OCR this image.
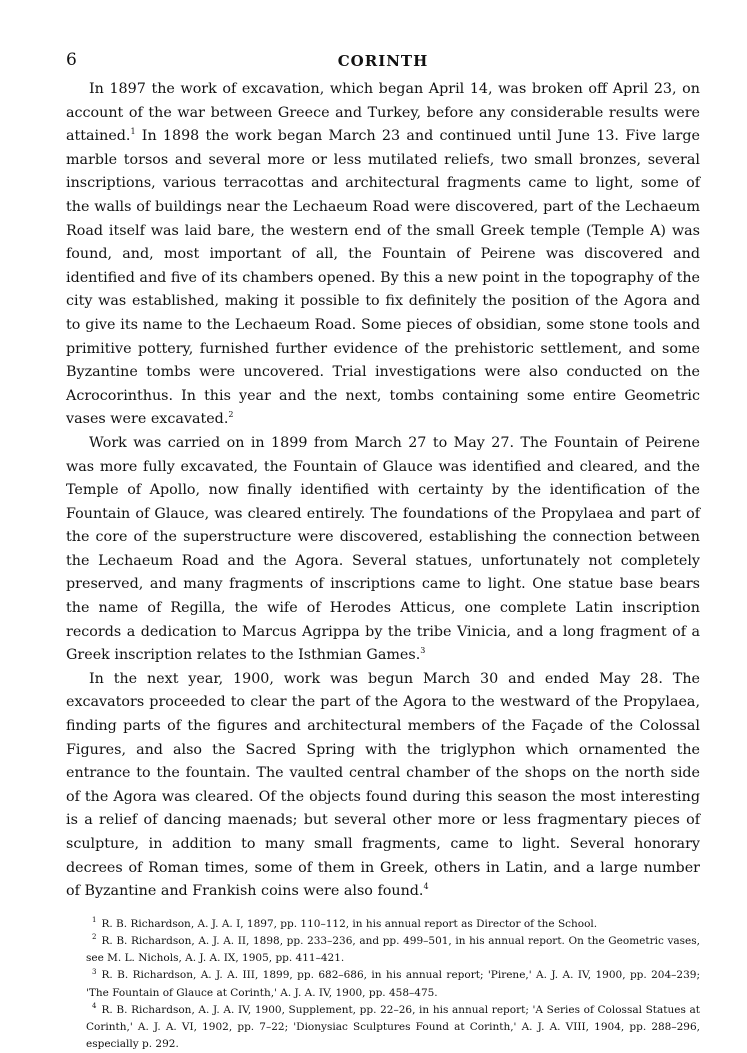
6	CORINTH

In 1897 the work of excavation, which began April 14, was broken off April 23, on account of the war between Greece and Turkey, before any considerable results were attained.$^1$ In 1898 the work began March 23 and continued until June 13. Five large marble torsos and several more or less mutilated reliefs, two small bronzes, several inscriptions, various terracottas and architectural fragments came to light, some of the walls of buildings near the Lechaeum Road were discovered, part of the Lechaeum Road itself was laid bare, the western end of the small Greek temple (Temple A) was found, and, most important of all, the Fountain of Peirene was discovered and identified and five of its chambers opened. By this a new point in the topography of the city was established, making it possible to fix definitely the position of the Agora and to give its name to the Lechaeum Road. Some pieces of obsidian, some stone tools and primitive pottery, furnished further evidence of the prehistoric settlement, and some Byzantine tombs were uncovered. Trial investigations were also conducted on the Acrocorinthus. In this year and the next, tombs containing some entire Geometric vases were excavated.$^2$

Work was carried on in 1899 from March 27 to May 27. The Fountain of Peirene was more fully excavated, the Fountain of Glauce was identified and cleared, and the Temple of Apollo, now finally identified with certainty by the identification of the Fountain of Glauce, was cleared entirely. The foundations of the Propylaea and part of the core of the superstructure were discovered, establishing the connection between the Lechaeum Road and the Agora. Several statues, unfortunately not completely preserved, and many fragments of inscriptions came to light. One statue base bears the name of Regilla, the wife of Herodes Atticus, one complete Latin inscription records a dedication to Marcus Agrippa by the tribe Vinicia, and a long fragment of a Greek inscription relates to the Isthmian Games.$^3$

In the next year, 1900, work was begun March 30 and ended May 28. The excavators proceeded to clear the part of the Agora to the westward of the Propylaea, finding parts of the figures and architectural members of the Façade of the Colossal Figures, and also the Sacred Spring with the triglyphon which ornamented the entrance to the fountain. The vaulted central chamber of the shops on the north side of the Agora was cleared. Of the objects found during this season the most interesting is a relief of dancing maenads; but several other more or less fragmentary pieces of sculpture, in addition to many small fragments, came to light. Several honorary decrees of Roman times, some of them in Greek, others in Latin, and a large number of Byzantine and Frankish coins were also found.$^4$

$^1$ R. B. Richardson, A. J. A. I, 1897, pp. 110–112, in his annual report as Director of the School.

$^2$ R. B. Richardson, A. J. A. II, 1898, pp. 233–236, and pp. 499–501, in his annual report. On the Geometric vases, see M. L. Nichols, A. J. A. IX, 1905, pp. 411–421.

$^3$ R. B. Richardson, A. J. A. III, 1899, pp. 682–686, in his annual report; 'Pirene,' A. J. A. IV, 1900, pp. 204–239; 'The Fountain of Glauce at Corinth,' A. J. A. IV, 1900, pp. 458–475.

$^4$ R. B. Richardson, A. J. A. IV, 1900, Supplement, pp. 22–26, in his annual report; 'A Series of Colossal Statues at Corinth,' A. J. A. VI, 1902, pp. 7–22; 'Dionysiac Sculptures Found at Corinth,' A. J. A. VIII, 1904, pp. 288–296, especially p. 292.
